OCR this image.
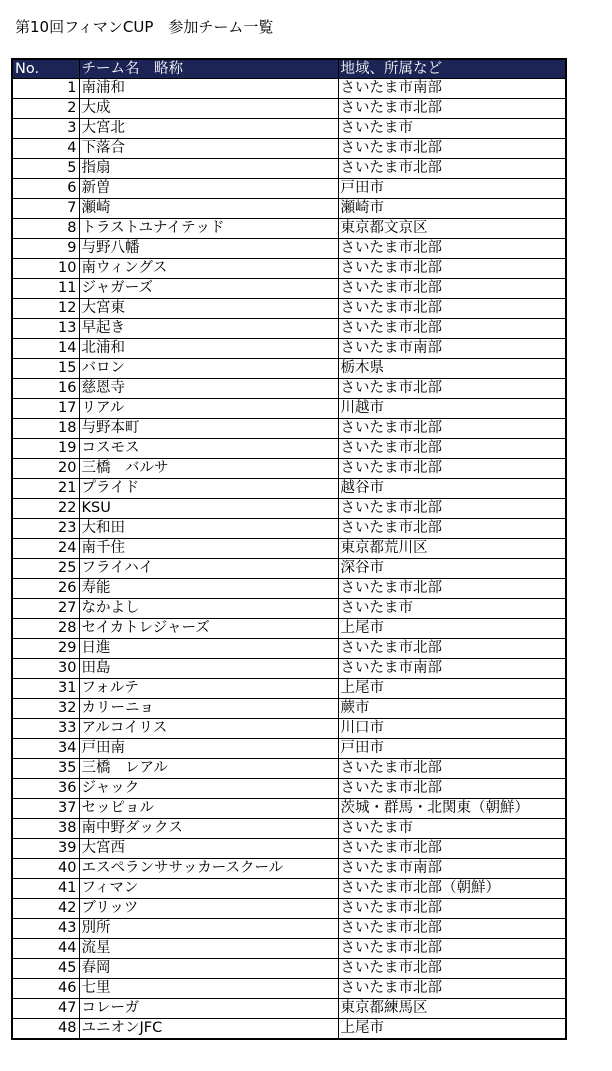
第10回フィマンCUP　参加チーム一覧
No.	チーム名　略称	地域、所属など
1	南浦和	さいたま市南部
2	大成	さいたま市北部
3	大宮北	さいたま市
4	下落合	さいたま市北部
5	指扇	さいたま市北部
6	新曽	戸田市
7	瀬崎	瀬崎市
8	トラストユナイテッド	東京都文京区
9	与野八幡	さいたま市北部
10	南ウィングス	さいたま市北部
11	ジャガーズ	さいたま市北部
12	大宮東	さいたま市北部
13	早起き	さいたま市北部
14	北浦和	さいたま市南部
15	バロン	栃木県
16	慈恩寺	さいたま市北部
17	リアル	川越市
18	与野本町	さいたま市北部
19	コスモス	さいたま市北部
20	三橋　バルサ	さいたま市北部
21	プライド	越谷市
22	KSU	さいたま市北部
23	大和田	さいたま市北部
24	南千住	東京都荒川区
25	フライハイ	深谷市
26	寿能	さいたま市北部
27	なかよし	さいたま市
28	セイカトレジャーズ	上尾市
29	日進	さいたま市北部
30	田島	さいたま市南部
31	フォルテ	上尾市
32	カリーニョ	蕨市
33	アルコイリス	川口市
34	戸田南	戸田市
35	三橋　レアル	さいたま市北部
36	ジャック	さいたま市北部
37	セッピョル	茨城・群馬・北関東（朝鮮）
38	南中野ダックス	さいたま市
39	大宮西	さいたま市北部
40	エスペランササッカースクール	さいたま市南部
41	フィマン	さいたま市北部（朝鮮）
42	ブリッツ	さいたま市北部
43	別所	さいたま市北部
44	流星	さいたま市北部
45	春岡	さいたま市北部
46	七里	さいたま市北部
47	コレーガ	東京都練馬区
48	ユニオンJFC	上尾市
